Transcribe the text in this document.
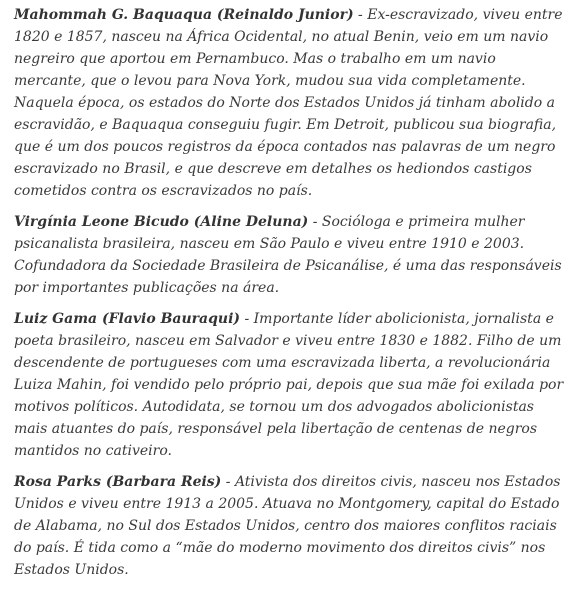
Mahommah G. Baquaqua (Reinaldo Junior) - Ex-escravizado, viveu entre 1820 e 1857, nasceu na África Ocidental, no atual Benin, veio em um navio negreiro que aportou em Pernambuco. Mas o trabalho em um navio mercante, que o levou para Nova York, mudou sua vida completamente. Naquela época, os estados do Norte dos Estados Unidos já tinham abolido a escravidão, e Baquaqua conseguiu fugir. Em Detroit, publicou sua biografia, que é um dos poucos registros da época contados nas palavras de um negro escravizado no Brasil, e que descreve em detalhes os hediondos castigos cometidos contra os escravizados no país.

Virgínia Leone Bicudo (Aline Deluna) - Socióloga e primeira mulher psicanalista brasileira, nasceu em São Paulo e viveu entre 1910 e 2003. Cofundadora da Sociedade Brasileira de Psicanálise, é uma das responsáveis por importantes publicações na área.

Luiz Gama (Flavio Bauraqui) - Importante líder abolicionista, jornalista e poeta brasileiro, nasceu em Salvador e viveu entre 1830 e 1882. Filho de um descendente de portugueses com uma escravizada liberta, a revolucionária Luiza Mahin, foi vendido pelo próprio pai, depois que sua mãe foi exilada por motivos políticos. Autodidata, se tornou um dos advogados abolicionistas mais atuantes do país, responsável pela libertação de centenas de negros mantidos no cativeiro.

Rosa Parks (Barbara Reis) - Ativista dos direitos civis, nasceu nos Estados Unidos e viveu entre 1913 a 2005. Atuava no Montgomery, capital do Estado de Alabama, no Sul dos Estados Unidos, centro dos maiores conflitos raciais do país. É tida como a “mãe do moderno movimento dos direitos civis” nos Estados Unidos.
